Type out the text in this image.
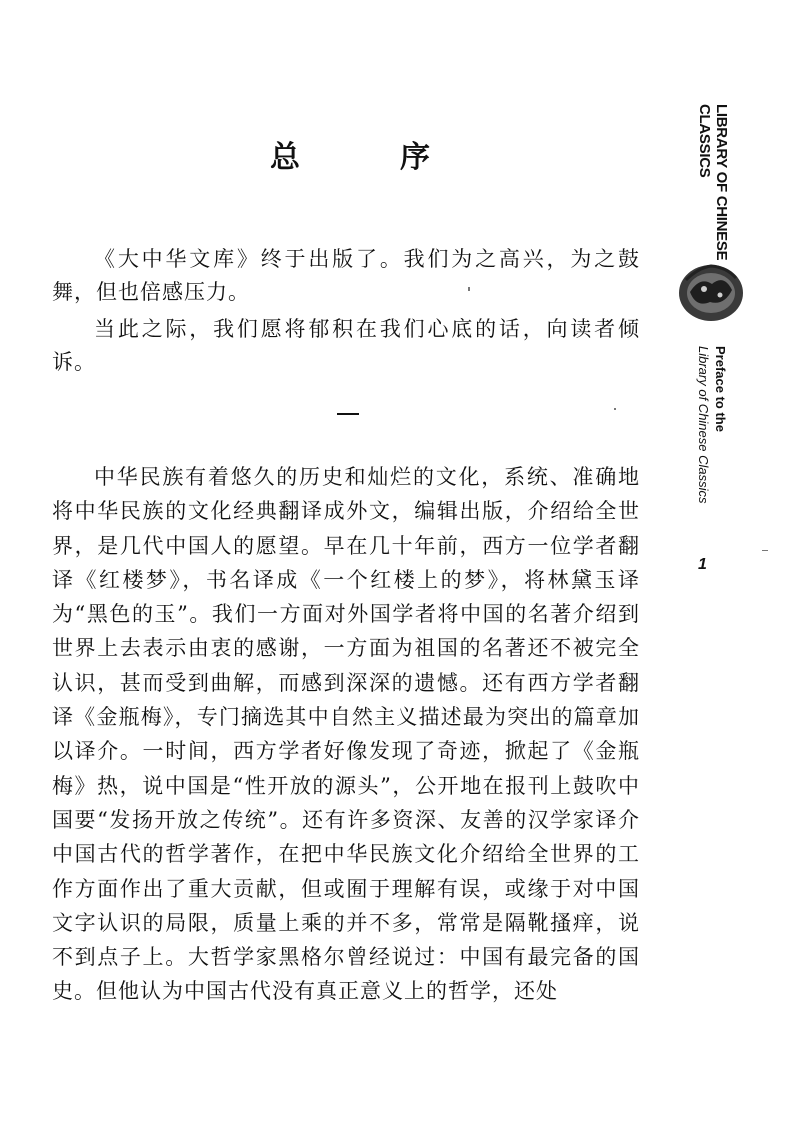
总	序

《大中华文库》终于出版了。我们为之高兴，为之鼓舞，但也倍感压力。

当此之际，我们愿将郁积在我们心底的话，向读者倾诉。

中华民族有着悠久的历史和灿烂的文化，系统、准确地将中华民族的文化经典翻译成外文，编辑出版，介绍给全世界，是几代中国人的愿望。早在几十年前，西方一位学者翻译《红楼梦》，书名译成《一个红楼上的梦》，将林黛玉译为“黑色的玉”。我们一方面对外国学者将中国的名著介绍到世界上去表示由衷的感谢，一方面为祖国的名著还不被完全认识，甚而受到曲解，而感到深深的遗憾。还有西方学者翻译《金瓶梅》，专门摘选其中自然主义描述最为突出的篇章加以译介。一时间，西方学者好像发现了奇迹，掀起了《金瓶梅》热，说中国是“性开放的源头”，公开地在报刊上鼓吹中国要“发扬开放之传统”。还有许多资深、友善的汉学家译介中国古代的哲学著作，在把中华民族文化介绍给全世界的工作方面作出了重大贡献，但或囿于理解有误，或缘于对中国文字认识的局限，质量上乘的并不多，常常是隔靴搔痒，说不到点子上。大哲学家黑格尔曾经说过：中国有最完备的国史。但他认为中国古代没有真正意义上的哲学，还处

LIBRARY OF CHINESE
CLASSICS
Preface to the
Library of Chinese Classics
1
